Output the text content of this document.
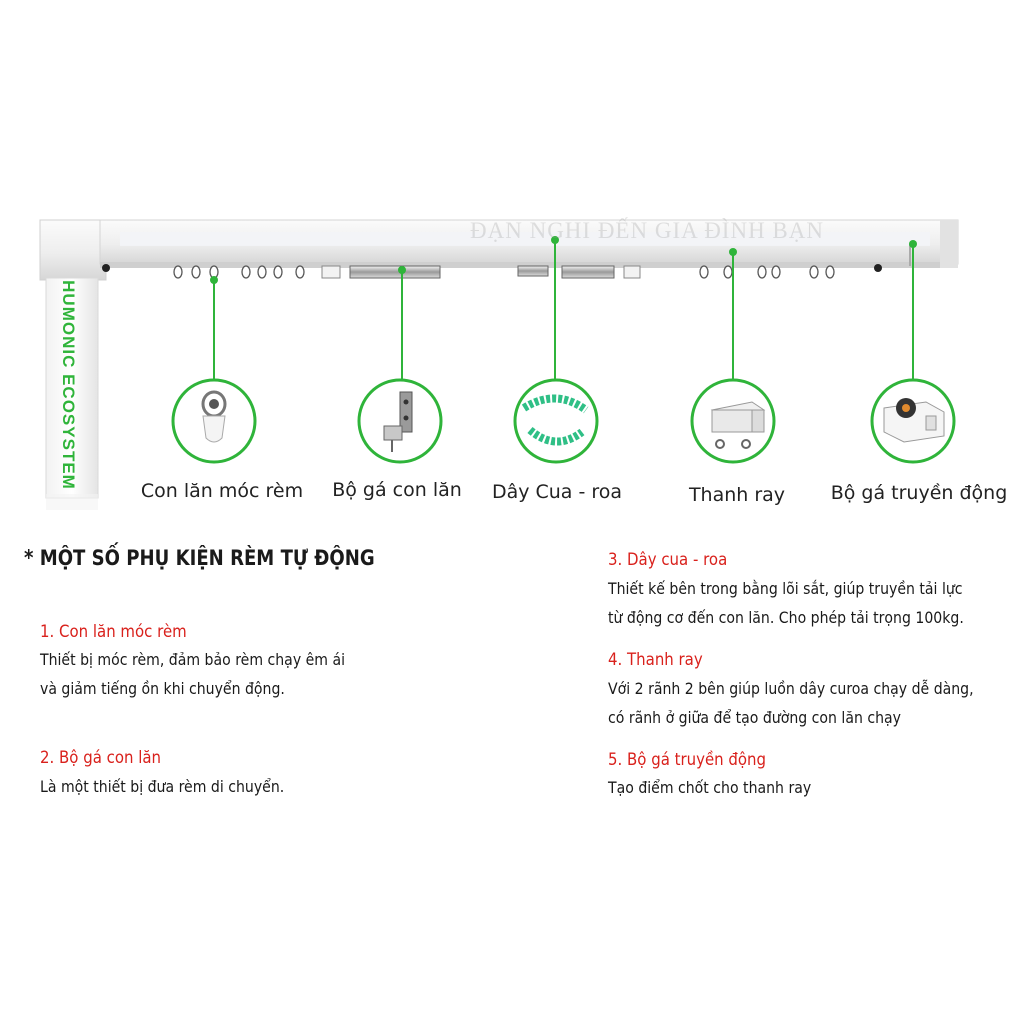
ĐẠN NGHI ĐẾN GIA ĐÌNH BẠN
HUMONIC ECOSYSTEM
Con lăn móc rèm Bộ gá con lăn Dây Cua - roa	Thanh ray Bộ gá truyền động
* MỘT SỐ PHỤ KIỆN RÈM TỰ ĐỘNG
1. Con lăn móc rèm
Thiết bị móc rèm, đảm bảo rèm chạy êm ái
và giảm tiếng ồn khi chuyển động.
2. Bộ gá con lăn
Là một thiết bị đưa rèm di chuyển.
3. Dây cua - roa
Thiết kế bên trong bằng lõi sắt, giúp truyền tải lực
từ động cơ đến con lăn. Cho phép tải trọng 100kg.
4. Thanh ray
Với 2 rãnh 2 bên giúp luồn dây curoa chạy dễ dàng,
có rãnh ở giữa để tạo đường con lăn chạy
5. Bộ gá truyền động
Tạo điểm chốt cho thanh ray
